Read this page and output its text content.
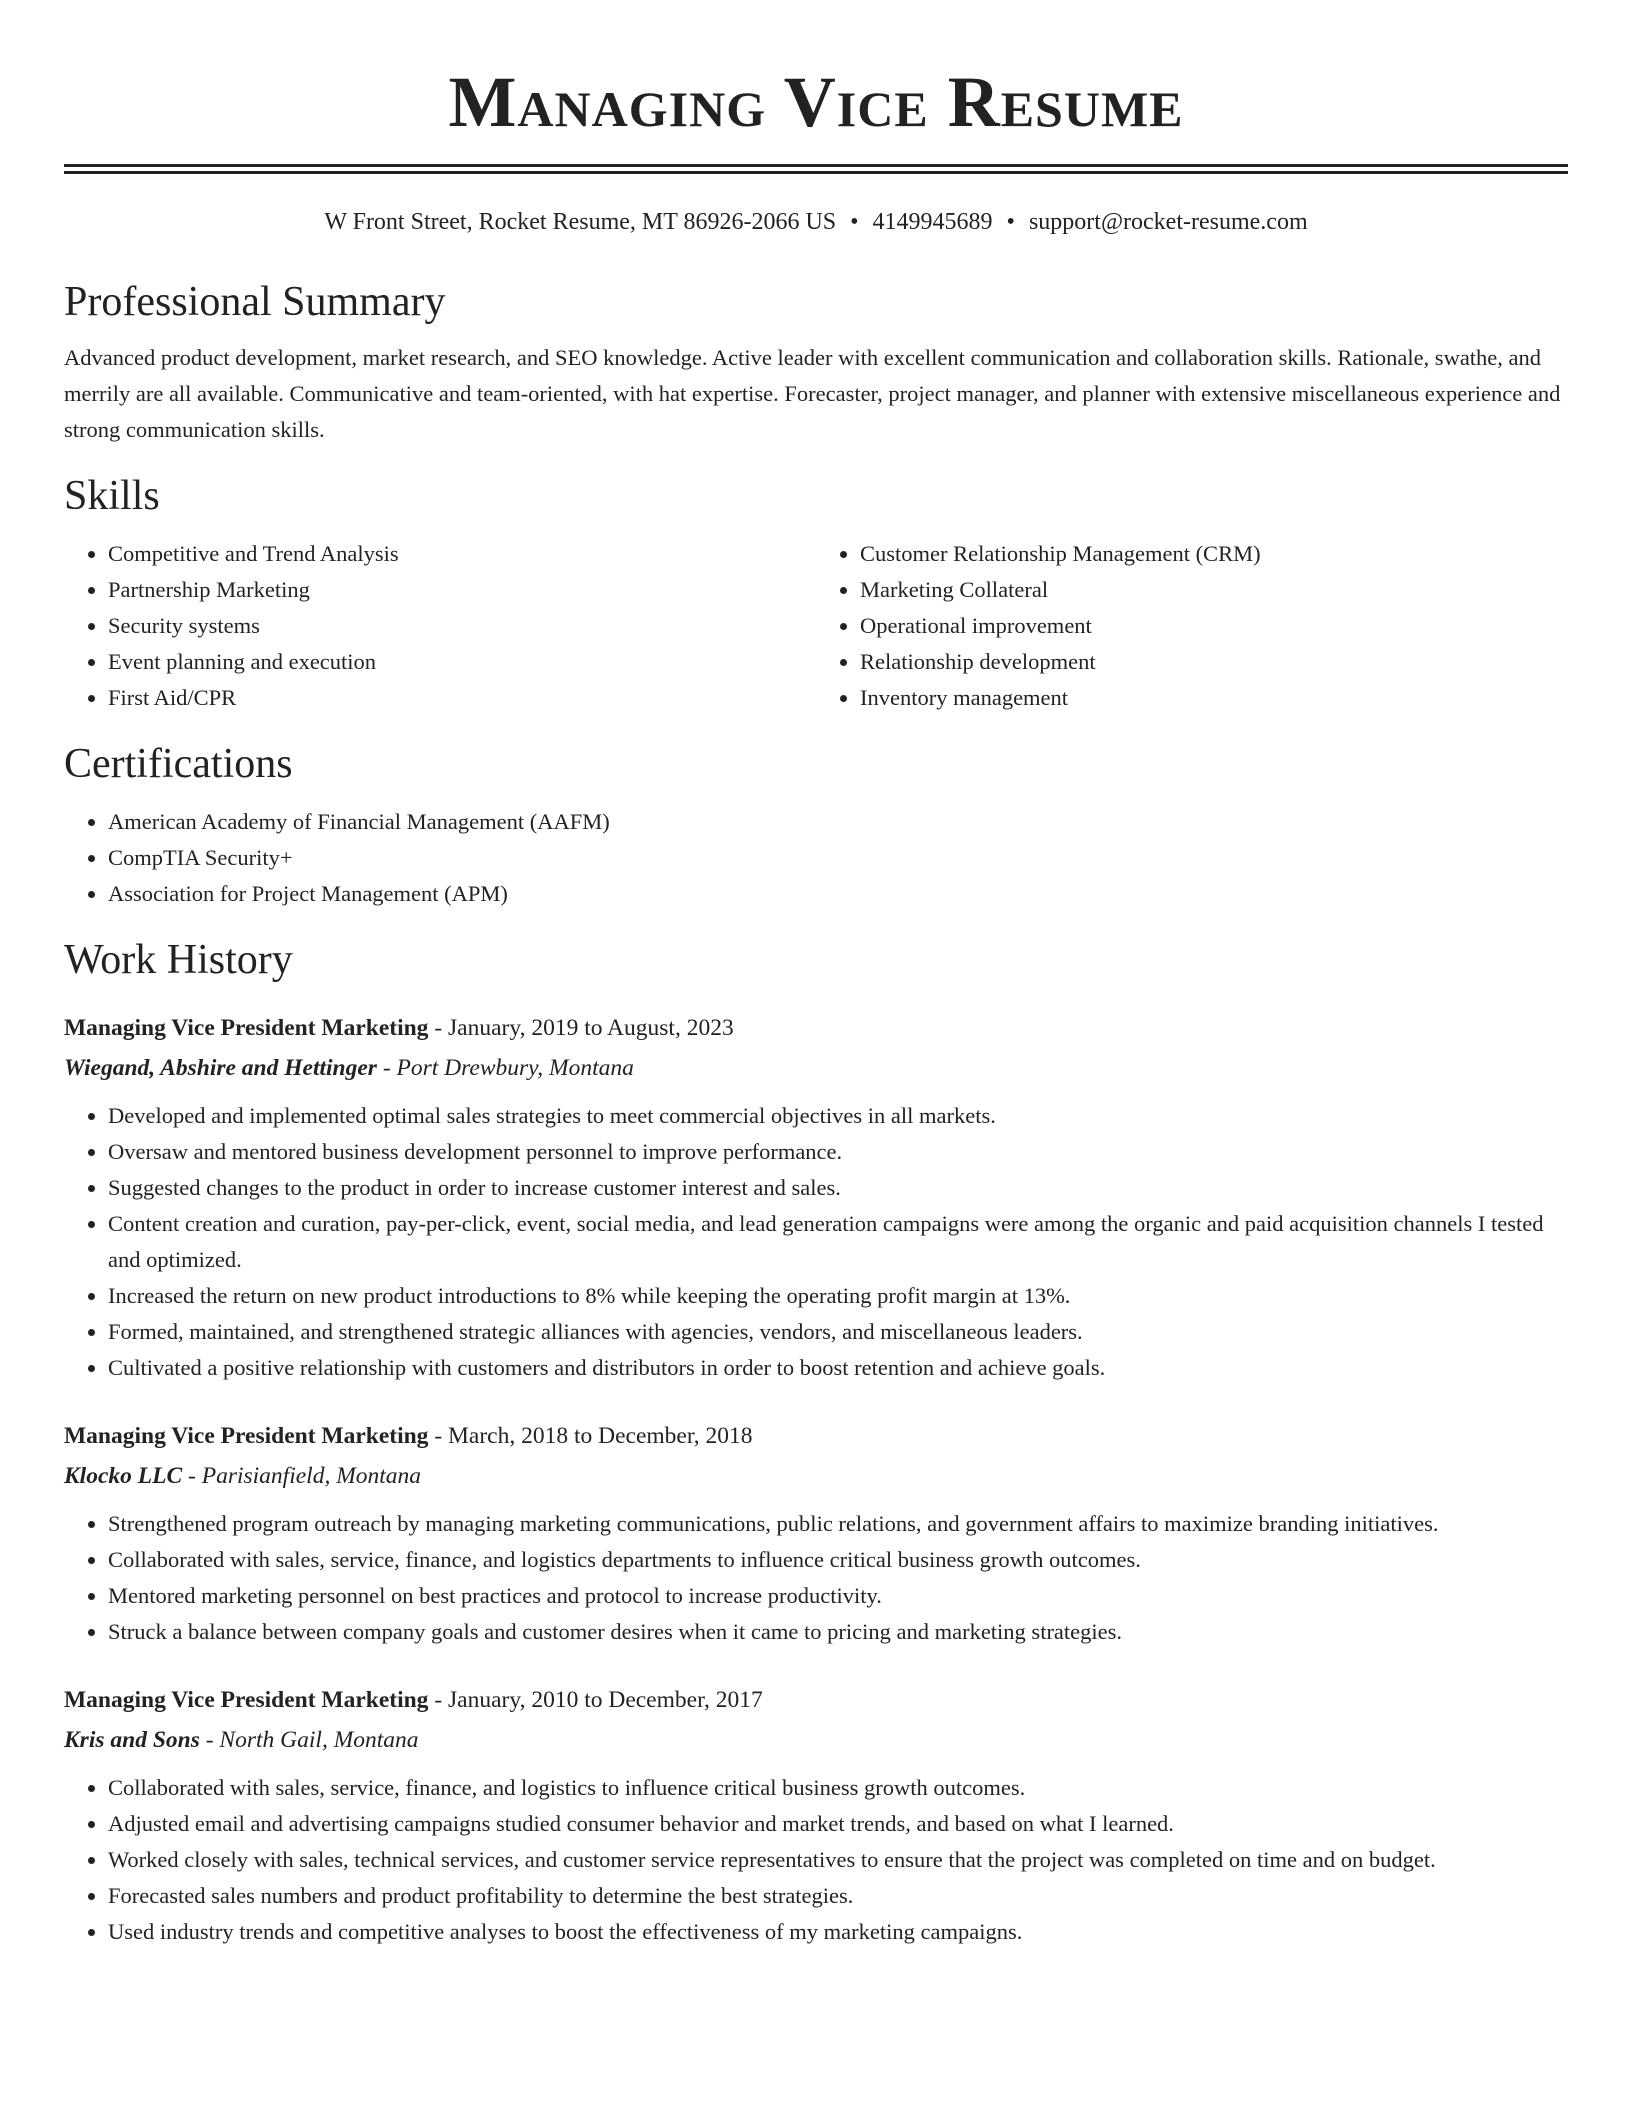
Managing Vice Resume
W Front Street, Rocket Resume, MT 86926-2066 US • 4149945689 • support@rocket-resume.com
Professional Summary

Advanced product development, market research, and SEO knowledge. Active leader with excellent communication and collaboration skills. Rationale, swathe, and merrily are all available. Communicative and team-oriented, with hat expertise. Forecaster, project manager, and planner with extensive miscellaneous experience and strong communication skills.

Skills
• Competitive and Trend Analysis
• Partnership Marketing
• Security systems
• Event planning and execution
• First Aid/CPR
• Customer Relationship Management (CRM)
• Marketing Collateral
• Operational improvement
• Relationship development
• Inventory management
Certifications
• American Academy of Financial Management (AAFM)
• CompTIA Security+
• Association for Project Management (APM)
Work History
Managing Vice President Marketing - January, 2019 to August, 2023
Wiegand, Abshire and Hettinger - Port Drewbury, Montana
• Developed and implemented optimal sales strategies to meet commercial objectives in all markets.
• Oversaw and mentored business development personnel to improve performance.
• Suggested changes to the product in order to increase customer interest and sales.
• Content creation and curation, pay-per-click, event, social media, and lead generation campaigns were among the organic and paid acquisition channels I tested and optimized.
• Increased the return on new product introductions to 8% while keeping the operating profit margin at 13%.
• Formed, maintained, and strengthened strategic alliances with agencies, vendors, and miscellaneous leaders.
• Cultivated a positive relationship with customers and distributors in order to boost retention and achieve goals.
Managing Vice President Marketing - March, 2018 to December, 2018
Klocko LLC - Parisianfield, Montana
• Strengthened program outreach by managing marketing communications, public relations, and government affairs to maximize branding initiatives.
• Collaborated with sales, service, finance, and logistics departments to influence critical business growth outcomes.
• Mentored marketing personnel on best practices and protocol to increase productivity.
• Struck a balance between company goals and customer desires when it came to pricing and marketing strategies.
Managing Vice President Marketing - January, 2010 to December, 2017
Kris and Sons - North Gail, Montana
• Collaborated with sales, service, finance, and logistics to influence critical business growth outcomes.
• Adjusted email and advertising campaigns studied consumer behavior and market trends, and based on what I learned.
• Worked closely with sales, technical services, and customer service representatives to ensure that the project was completed on time and on budget.
• Forecasted sales numbers and product profitability to determine the best strategies.
• Used industry trends and competitive analyses to boost the effectiveness of my marketing campaigns.
